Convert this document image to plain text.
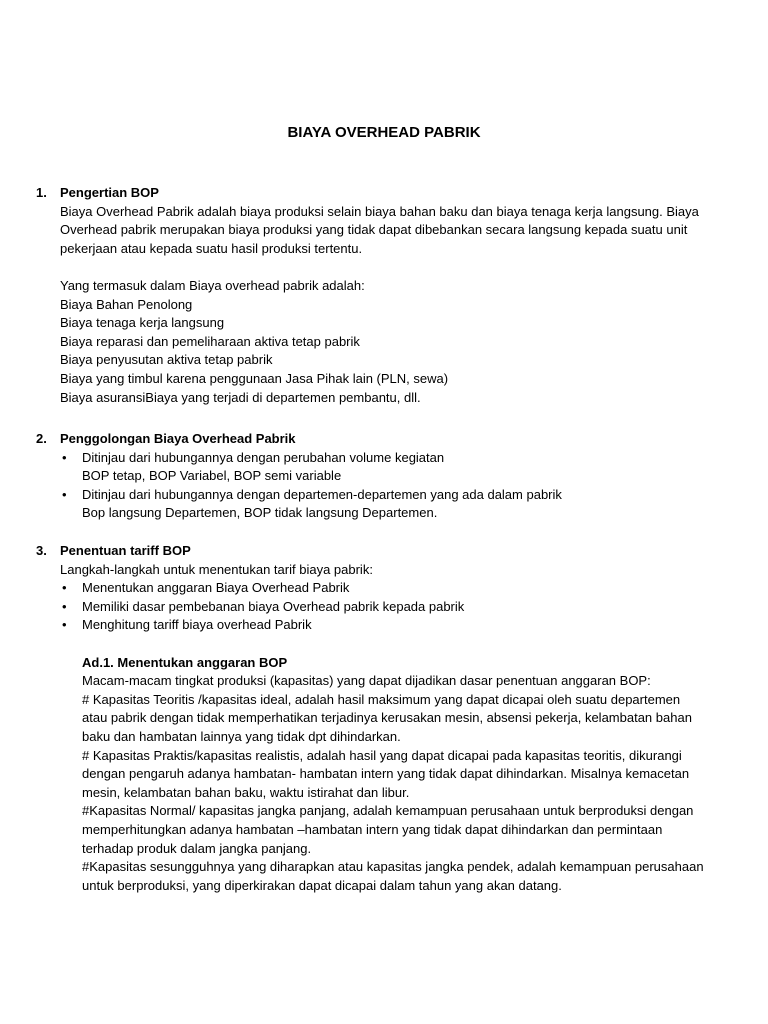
BIAYA OVERHEAD PABRIK
1. Pengertian BOP
Biaya Overhead Pabrik adalah biaya produksi selain biaya bahan baku dan biaya tenaga kerja langsung. Biaya
Overhead pabrik merupakan biaya produksi yang tidak dapat dibebankan secara langsung kepada suatu unit
pekerjaan atau kepada suatu hasil produksi tertentu.
Yang termasuk dalam Biaya overhead pabrik adalah:
Biaya Bahan Penolong
Biaya tenaga kerja langsung
Biaya reparasi dan pemeliharaan aktiva tetap pabrik
Biaya penyusutan aktiva tetap pabrik
Biaya yang timbul karena penggunaan Jasa Pihak lain (PLN, sewa)
Biaya asuransiBiaya yang terjadi di departemen pembantu, dll.
2. Penggolongan Biaya Overhead Pabrik
• Ditinjau dari hubungannya dengan perubahan volume kegiatan
BOP tetap, BOP Variabel, BOP semi variable
• Ditinjau dari hubungannya dengan departemen-departemen yang ada dalam pabrik
Bop langsung Departemen, BOP tidak langsung Departemen.
3. Penentuan tariff BOP
Langkah-langkah untuk menentukan tarif biaya pabrik:
• Menentukan anggaran Biaya Overhead Pabrik
• Memiliki dasar pembebanan biaya Overhead pabrik kepada pabrik
• Menghitung tariff biaya overhead Pabrik
Ad.1. Menentukan anggaran BOP
Macam-macam tingkat produksi (kapasitas) yang dapat dijadikan dasar penentuan anggaran BOP:
# Kapasitas Teoritis /kapasitas ideal, adalah hasil maksimum yang dapat dicapai oleh suatu departemen
atau pabrik dengan tidak memperhatikan terjadinya kerusakan mesin, absensi pekerja, kelambatan bahan
baku dan hambatan lainnya yang tidak dpt dihindarkan.
# Kapasitas Praktis/kapasitas realistis, adalah hasil yang dapat dicapai pada kapasitas teoritis, dikurangi
dengan pengaruh adanya hambatan- hambatan intern yang tidak dapat dihindarkan. Misalnya kemacetan
mesin, kelambatan bahan baku, waktu istirahat dan libur.
#Kapasitas Normal/ kapasitas jangka panjang, adalah kemampuan perusahaan untuk berproduksi dengan
memperhitungkan adanya hambatan –hambatan intern yang tidak dapat dihindarkan dan permintaan
terhadap produk dalam jangka panjang.
#Kapasitas sesungguhnya yang diharapkan atau kapasitas jangka pendek, adalah kemampuan perusahaan
untuk berproduksi, yang diperkirakan dapat dicapai dalam tahun yang akan datang.
